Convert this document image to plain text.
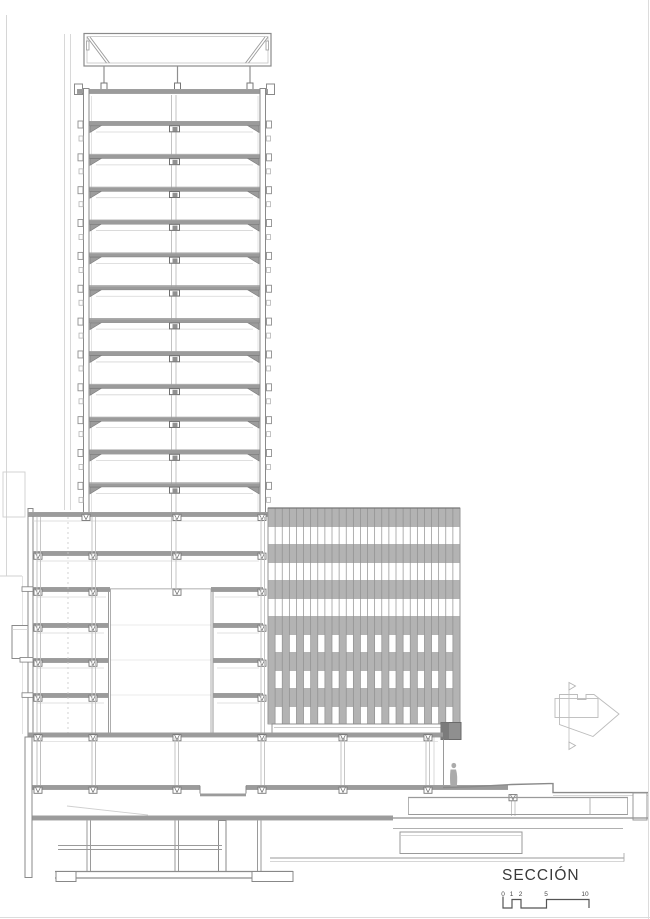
SECCIÓN
0 1 2	5	10
